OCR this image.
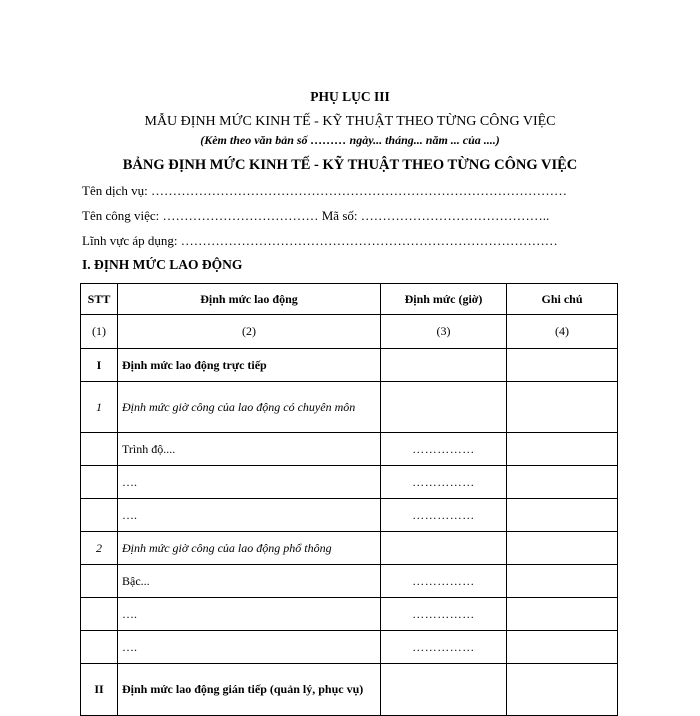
PHỤ LỤC III
MẪU ĐỊNH MỨC KINH TẾ - KỸ THUẬT THEO TỪNG CÔNG VIỆC
(Kèm theo văn bản số ……… ngày... tháng... năm ... của ....)
BẢNG ĐỊNH MỨC KINH TẾ - KỸ THUẬT THEO TỪNG CÔNG VIỆC
Tên dịch vụ: ……………………………………………………………………………………
Tên công việc: ……………………………… Mã số: ……………………………………..
Lĩnh vực áp dụng: ……………………………………………………………………………
I. ĐỊNH MỨC LAO ĐỘNG
STT	Định mức lao động	Định mức (giờ)	Ghi chú
(1)	(2)	(3)	(4)
I	Định mức lao động trực tiếp		
1	Định mức giờ công của lao động có chuyên môn		
	Trình độ....	……………	
	….	……………	
	….	……………	
2	Định mức giờ công của lao động phổ thông		
	Bậc...	……………	
	….	……………	
	….	……………	
II	Định mức lao động gián tiếp (quản lý, phục vụ)		
